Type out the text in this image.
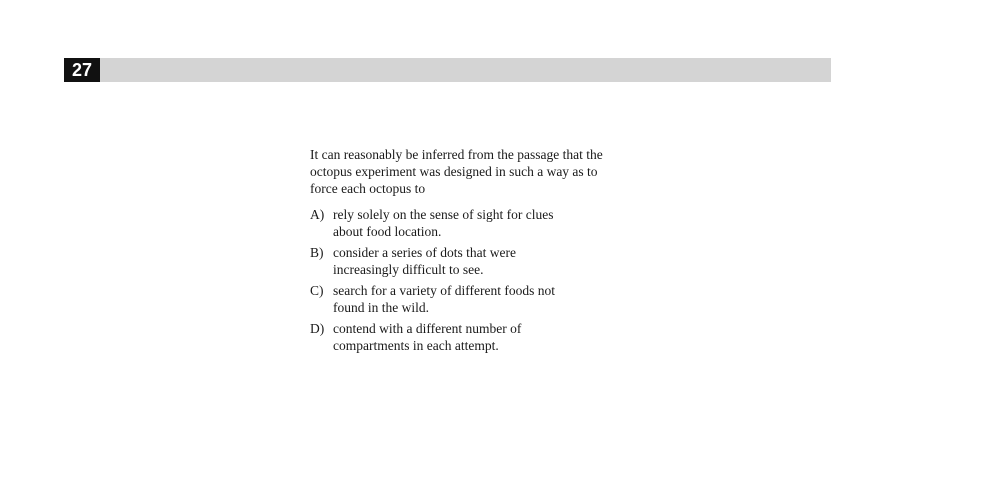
27

It can reasonably be inferred from the passage that the octopus experiment was designed in such a way as to force each octopus to

A) rely solely on the sense of sight for clues about food location.
B) consider a series of dots that were increasingly difficult to see.
C) search for a variety of different foods not found in the wild.
D) contend with a different number of compartments in each attempt.
